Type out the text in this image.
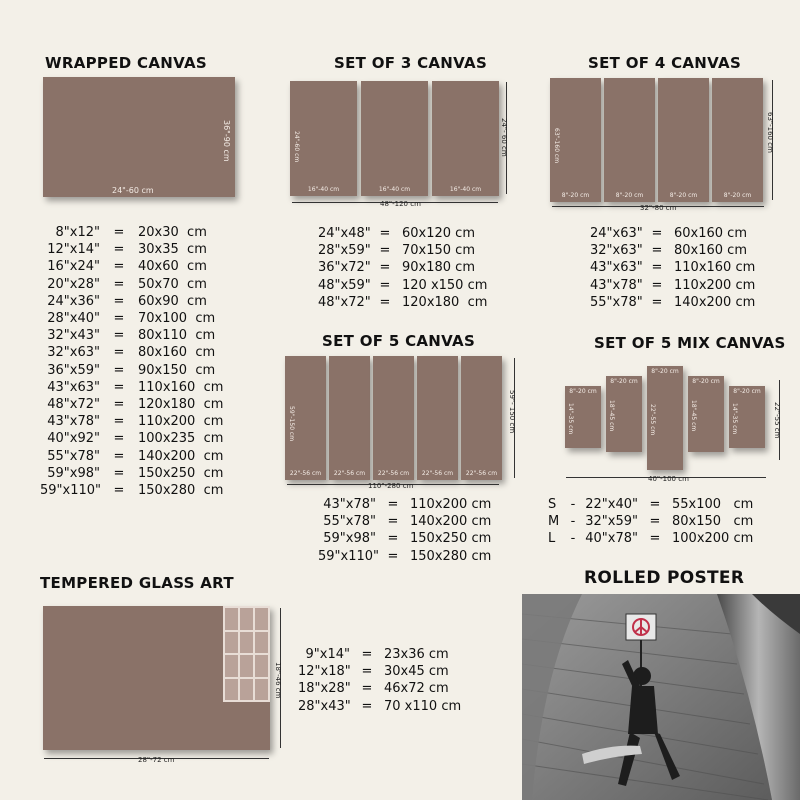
WRAPPED CANVAS
24"-60 cm
36"-90 cm
8"x12"	=	20x30  cm
12"x14"	=	30x35  cm
16"x24"	=	40x60  cm
20"x28"	=	50x70  cm
24"x36"	=	60x90  cm
28"x40"	=	70x100  cm
32"x43"	=	80x110  cm
32"x63"	=	80x160  cm
36"x59"	=	90x150  cm
43"x63"	=	110x160  cm
48"x72"	=	120x180  cm
43"x78"	=	110x200  cm
40"x92"	=	100x235  cm
55"x78"	=	140x200  cm
59"x98"	=	150x250  cm
59"x110" =	150x280  cm
SET OF 3 CANVAS
16"-40 cm
24"-60 cm
16"-40 cm	16"-40 cm
48"-120 cm
24"- 60 cm
24"x48" = 60x120 cm
28"x59" = 70x150 cm
36"x72" = 90x180 cm
48"x59" = 120 x150 cm
48"x72" = 120x180  cm
SET OF 4 CANVAS
8"-20 cm
63"-160 cm
8"-20 cm	8"-20 cm	8"-20 cm
32"-80 cm
63"-160 cm
24"x63" = 60x160 cm
32"x63" = 80x160 cm
43"x63" = 110x160 cm
43"x78" = 110x200 cm
55"x78" = 140x200 cm
SET OF 5 CANVAS
22"-56 cm
59"-150 cm
22"-56 cm	22"-56 cm	22"-56 cm	22"-56 cm
110"-280 cm
59"- 150 cm
43"x78" = 110x200 cm
55"x78" = 140x200 cm
59"x98" = 150x250 cm
59"x110" = 150x280 cm
SET OF 5 MIX CANVAS
8"-20 cm
14"-35 cm
8"-20 cm
18"-45 cm
8"-20 cm
22"-55 cm
8"-20 cm
18"-45 cm
8"-20 cm
14"-35 cm
40"-100 cm
22"-55 cm
S	- 22"x40" = 55x100   cm
M - 32"x59" = 80x150   cm
L	- 40"x78" = 100x200 cm
TEMPERED GLASS ART
28"-72 cm
18"-46 cm
9"x14" = 23x36 cm
12"x18" = 30x45 cm
18"x28" = 46x72 cm
28"x43" = 70 x110 cm
ROLLED POSTER
